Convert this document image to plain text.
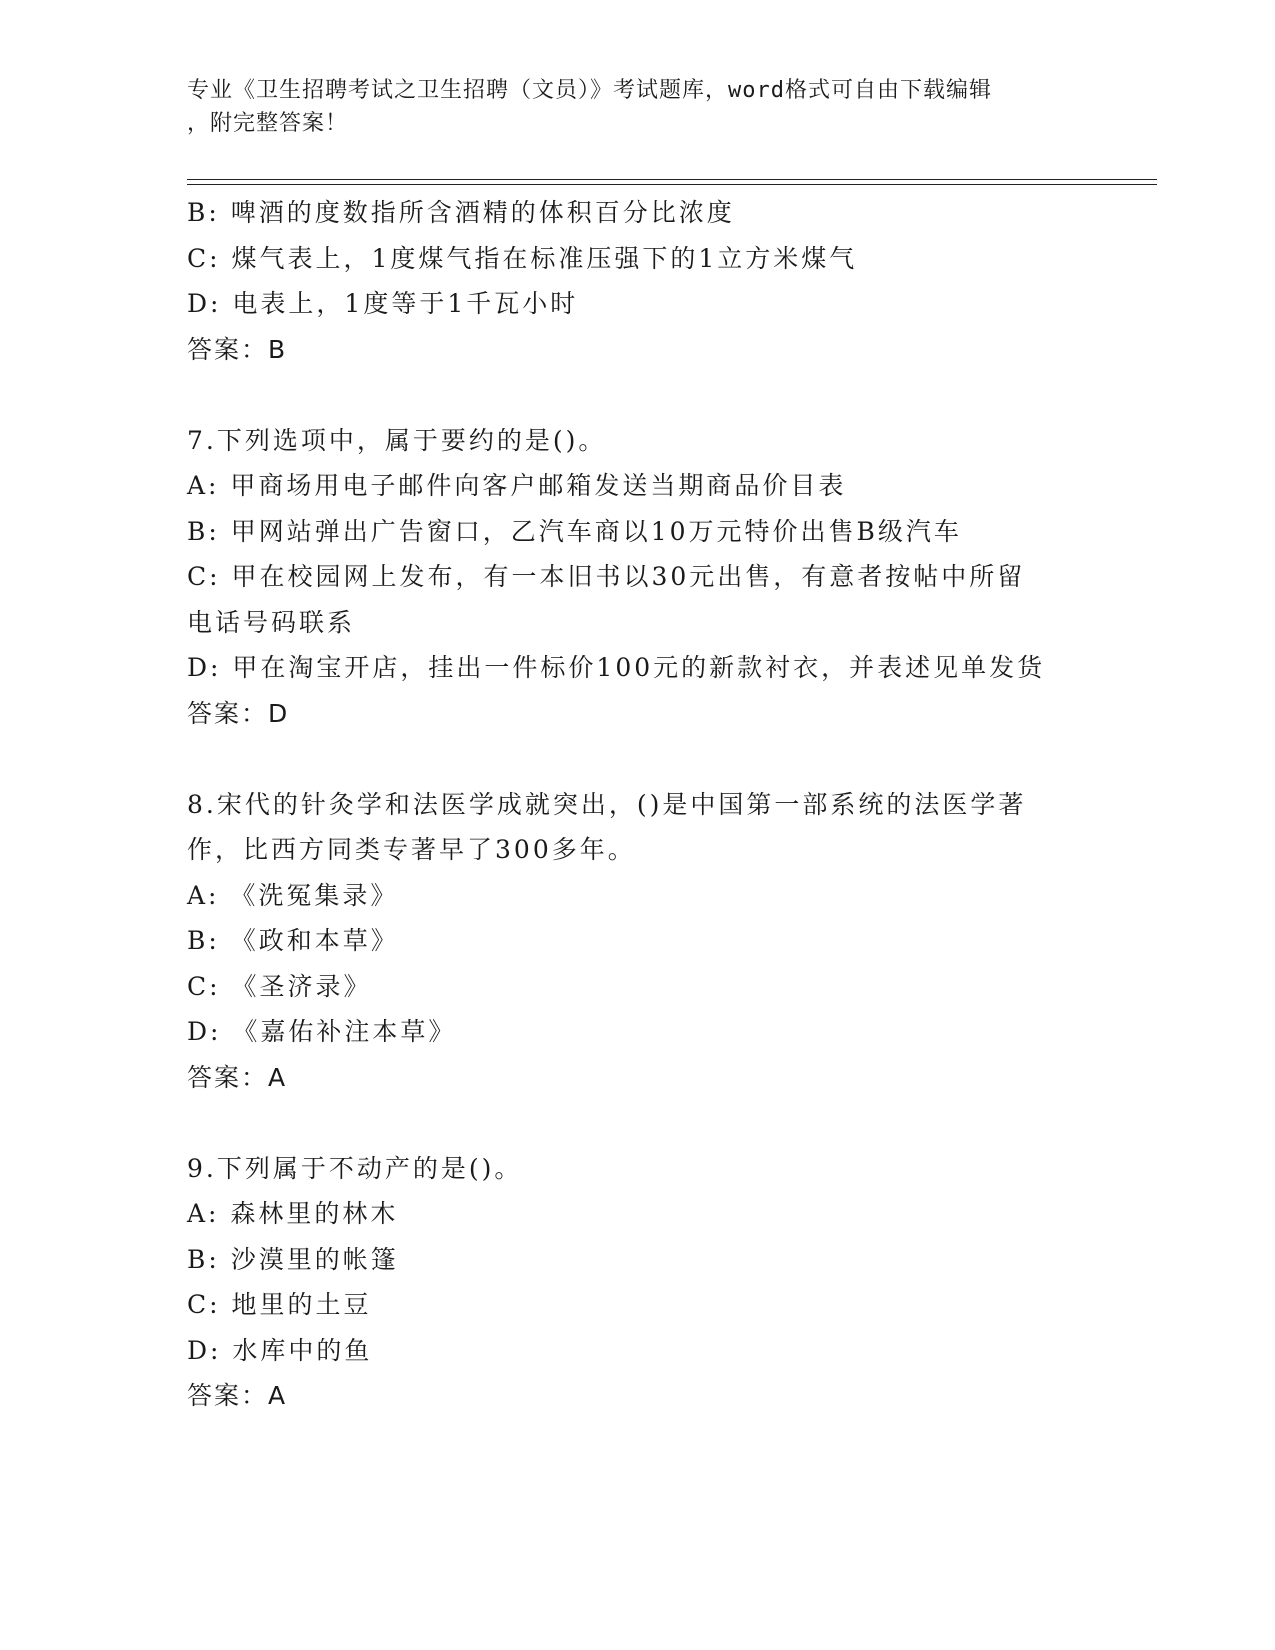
专业《卫生招聘考试之卫生招聘（文员）》考试题库，word格式可自由下载编辑
，附完整答案！
B: 啤酒的度数指所含酒精的体积百分比浓度
C: 煤气表上，1度煤气指在标准压强下的1立方米煤气
D: 电表上，1度等于1千瓦小时
答案：B
7.下列选项中，属于要约的是()。
A: 甲商场用电子邮件向客户邮箱发送当期商品价目表
B: 甲网站弹出广告窗口，乙汽车商以10万元特价出售B级汽车
C: 甲在校园网上发布，有一本旧书以30元出售，有意者按帖中所留
电话号码联系
D: 甲在淘宝开店，挂出一件标价100元的新款衬衣，并表述见单发货
答案：D
8.宋代的针灸学和法医学成就突出，()是中国第一部系统的法医学著
作，比西方同类专著早了300多年。
A: 《洗冤集录》
B: 《政和本草》
C: 《圣济录》
D: 《嘉佑补注本草》
答案：A
9.下列属于不动产的是()。
A: 森林里的林木
B: 沙漠里的帐篷
C: 地里的土豆
D: 水库中的鱼
答案：A
